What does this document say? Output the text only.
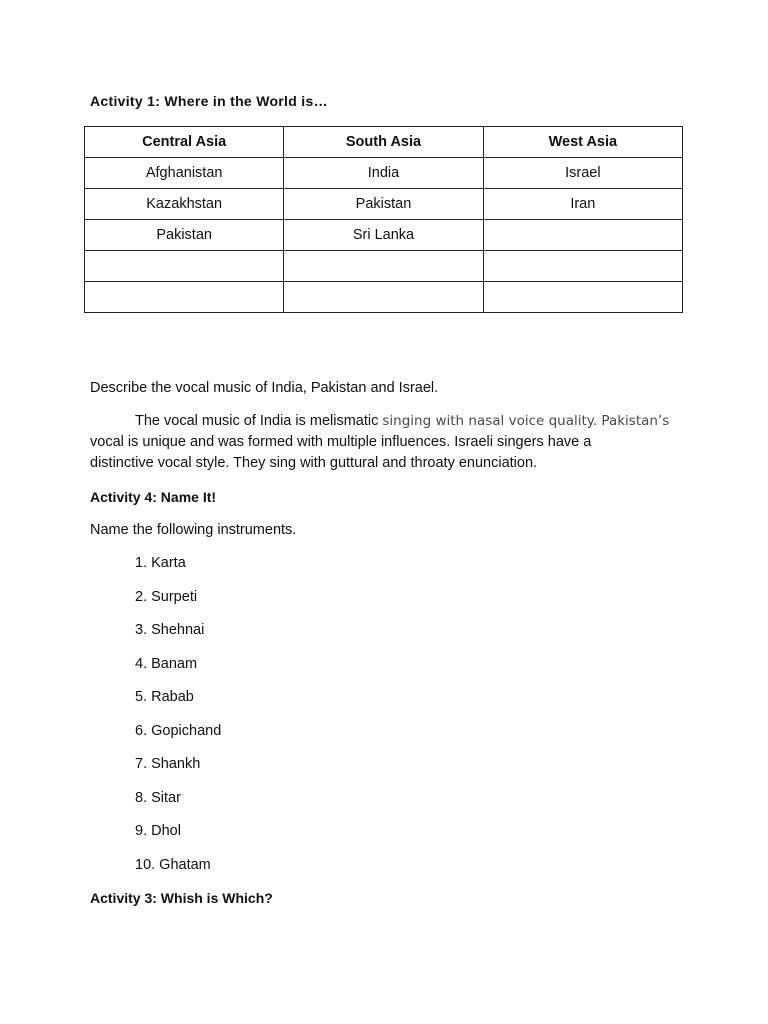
Activity 1: Where in the World is…
Central Asia	South Asia	West Asia
Afghanistan	India	Israel
Kazakhstan	Pakistan	Iran
Pakistan	Sri Lanka	

Describe the vocal music of India, Pakistan and Israel.
The vocal music of India is melismatic singing with nasal voice quality. Pakistan’s
vocal is unique and was formed with multiple influences. Israeli singers have a
distinctive vocal style. They sing with guttural and throaty enunciation.
Activity 4: Name It!
Name the following instruments.
1. Karta
2. Surpeti
3. Shehnai
4. Banam
5. Rabab
6. Gopichand
7. Shankh
8. Sitar
9. Dhol
10. Ghatam
Activity 3: Whish is Which?
